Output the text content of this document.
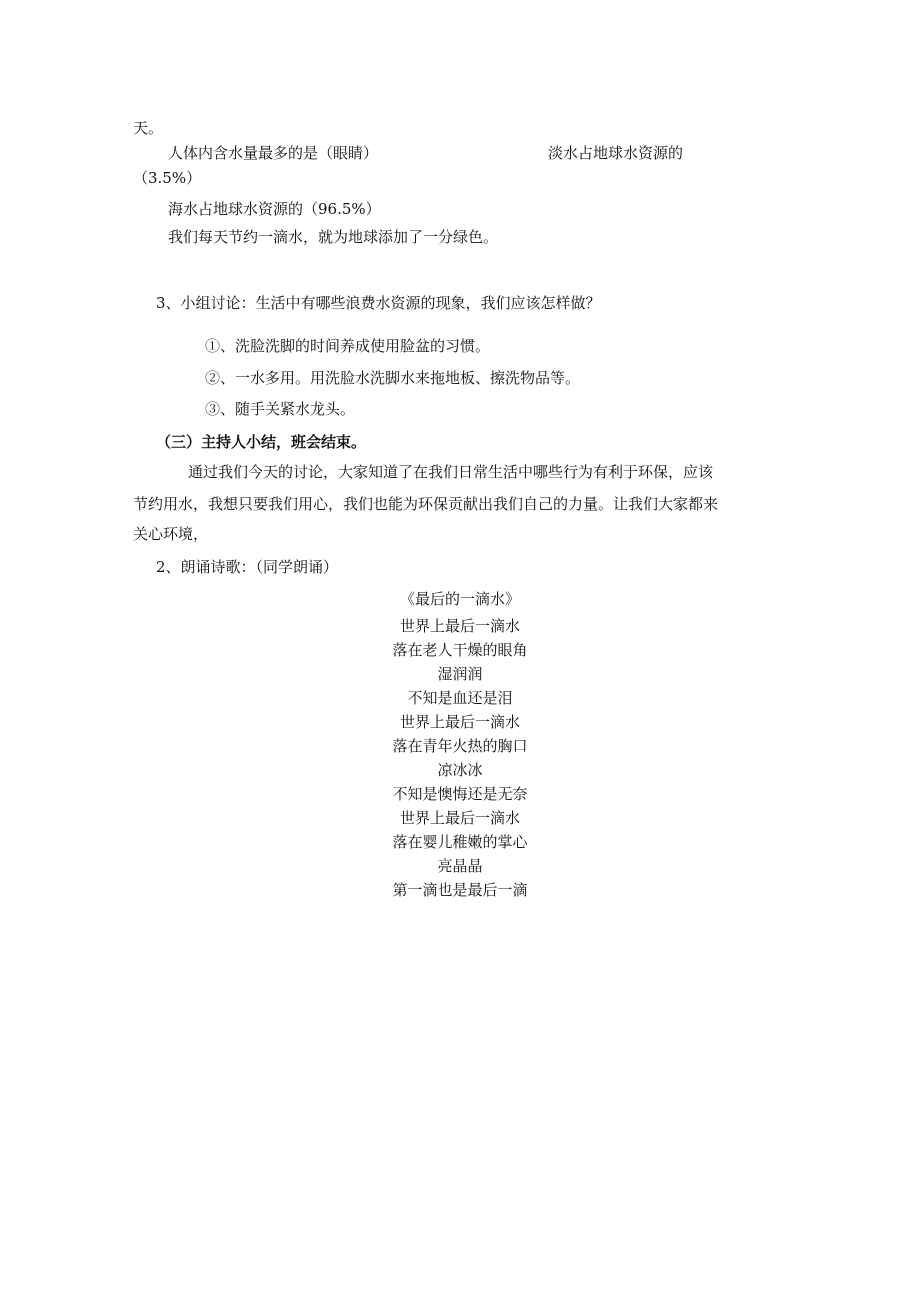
天。
人体内含水量最多的是（眼睛）	淡水占地球水资源的
（3.5%）
海水占地球水资源的（96.5%）
我们每天节约一滴水，就为地球添加了一分绿色。
3、小组讨论：生活中有哪些浪费水资源的现象，我们应该怎样做？
①、洗脸洗脚的时间养成使用脸盆的习惯。
②、一水多用。用洗脸水洗脚水来拖地板、擦洗物品等。
③、随手关紧水龙头。
（三）主持人小结，班会结束。
通过我们今天的讨论，大家知道了在我们日常生活中哪些行为有利于环保，应该
节约用水，我想只要我们用心，我们也能为环保贡献出我们自己的力量。让我们大家都来
关心环境，
2、朗诵诗歌：（同学朗诵）
《最后的一滴水》
世界上最后一滴水
落在老人干燥的眼角
湿润润
不知是血还是泪
世界上最后一滴水
落在青年火热的胸口
凉冰冰
不知是懊悔还是无奈
世界上最后一滴水
落在婴儿稚嫩的掌心
亮晶晶
第一滴也是最后一滴
